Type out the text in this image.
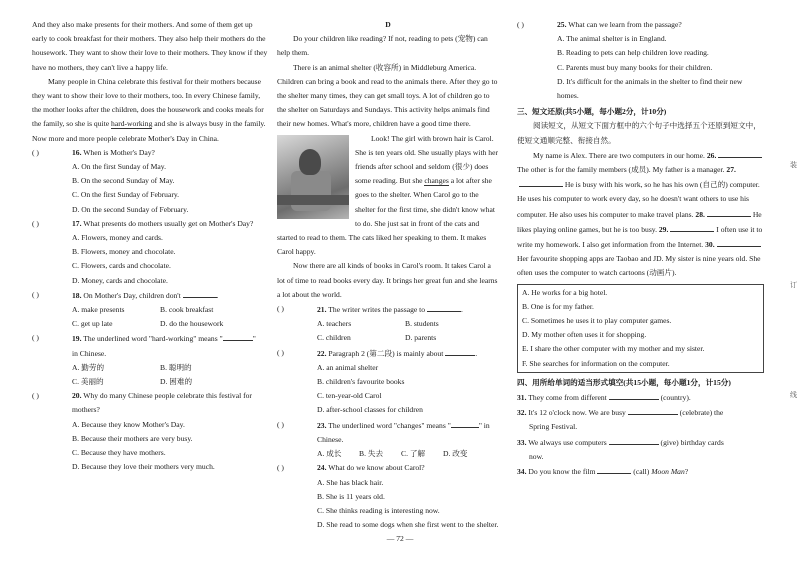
And they also make presents for their mothers. And some of them get up early to cook breakfast for their mothers. They also help their mothers do the housework. They want to show their love to their mothers. They know if they have no mothers, they can't live a happy life.

Many people in China celebrate this festival for their mothers because they want to show their love to their mothers, too. In every Chinese family, the mother looks after the children, does the housework and cooks meals for the family, so she is quite hard-working and she is always busy in the family. Now more and more people celebrate Mother's Day in China.

( )	16. When is Mother's Day?
A. On the first Sunday of May.
B. On the second Sunday of May.
C. On the first Sunday of February.
D. On the second Sunday of February.
( )	17. What presents do mothers usually get on Mother's Day?
A. Flowers, money and cards.
B. Flowers, money and chocolate.
C. Flowers, cards and chocolate.
D. Money, cards and chocolate.
( )	18. On Mother's Day, children don't	.
A. make presents	B. cook breakfast
C. get up late	D. do the housework
( )	19. The underlined word "hard-working" means "	"
in Chinese.
A. 勤劳的	B. 聪明的
C. 美丽的	D. 困难的
( )	20. Why do many Chinese people celebrate this festival for mothers?
A. Because they know Mother's Day.
B. Because their mothers are very busy.
C. Because they have mothers.
D. Because they love their mothers very much.

D

Do your children like reading? If not, reading to pets (宠物) can help them.

There is an animal shelter (收容所) in Middleburg America. Children can bring a book and read to the animals there. After they go to the shelter many times, they can get small toys. A lot of children go to the shelter on Saturdays and Sundays. This activity helps animals find their new homes. What's more, children have a good time there.

Look! The girl with brown hair is Carol. She is ten years old. She usually plays with her friends after school and seldom (很少) does some reading. But she changes a lot after she goes to the shelter. When Carol go to the shelter for the first time, she didn't know what to do. She just sat in front of the cats and started to read to them. The cats liked her speaking to them. It makes Carol happy.

Now there are all kinds of books in Carol's room. It takes Carol a lot of time to read books every day. It brings her great fun and she learns a lot about the world.

( )	21. The writer writes the passage to	.
A. teachers	B. students
C. children	D. parents
( )	22. Paragraph 2 (第二段) is mainly about	.
A. an animal shelter
B. children's favourite books
C. ten-year-old Carol
D. after-school classes for children
( )	23. The underlined word "changes" means "	" in
Chinese.
A. 成长	B. 失去	C. 了解	D. 改变
( )	24. What do we know about Carol?
A. She has black hair.
B. She is 11 years old.
C. She thinks reading is interesting now.
D. She read to some dogs when she first went to the shelter.
( )	25. What can we learn from the passage?
A. The animal shelter is in England.
B. Reading to pets can help children love reading.
C. Parents must buy many books for their children.
D. It's difficult for the animals in the shelter to find their new homes.

三、短文还原(共5小题，每小题2分，计10分)

阅读短文，从短文下面方框中的六个句子中选择五个还原到短文中，使短文通顺完整、衔接自然。

My name is Alex. There are two computers in our home. 26. The other is for the family members (成员). My father is a manager. 27. He is busy with his work, so he has his own (自己的) computer. He uses his computer to work every day, so he doesn't want others to use his computer. He also uses his computer to make travel plans. 28.	He likes playing online games, but he is too busy. 29.	I often use it to write my homework. I also get information from the Internet. 30. Her favourite shopping apps are Taobao and JD. My sister is nine years old. She often uses the computer to watch cartoons (动画片).

A. He works for a big hotel.
B. One is for my father.
C. Sometimes he uses it to play computer games.
D. My mother often uses it for shopping.
E. I share the other computer with my mother and my sister.
F. She searches for information on the computer.

四、用所给单词的适当形式填空(共15小题，每小题1分，计15分)

31. They come from different	(country).
32. It's 12 o'clock now. We are busy	(celebrate) the
Spring Festival.
33. We always use computers	(give) birthday cards
now.
34. Do you know the film	(call) Moon Man?
装
订
线
— 72 —
